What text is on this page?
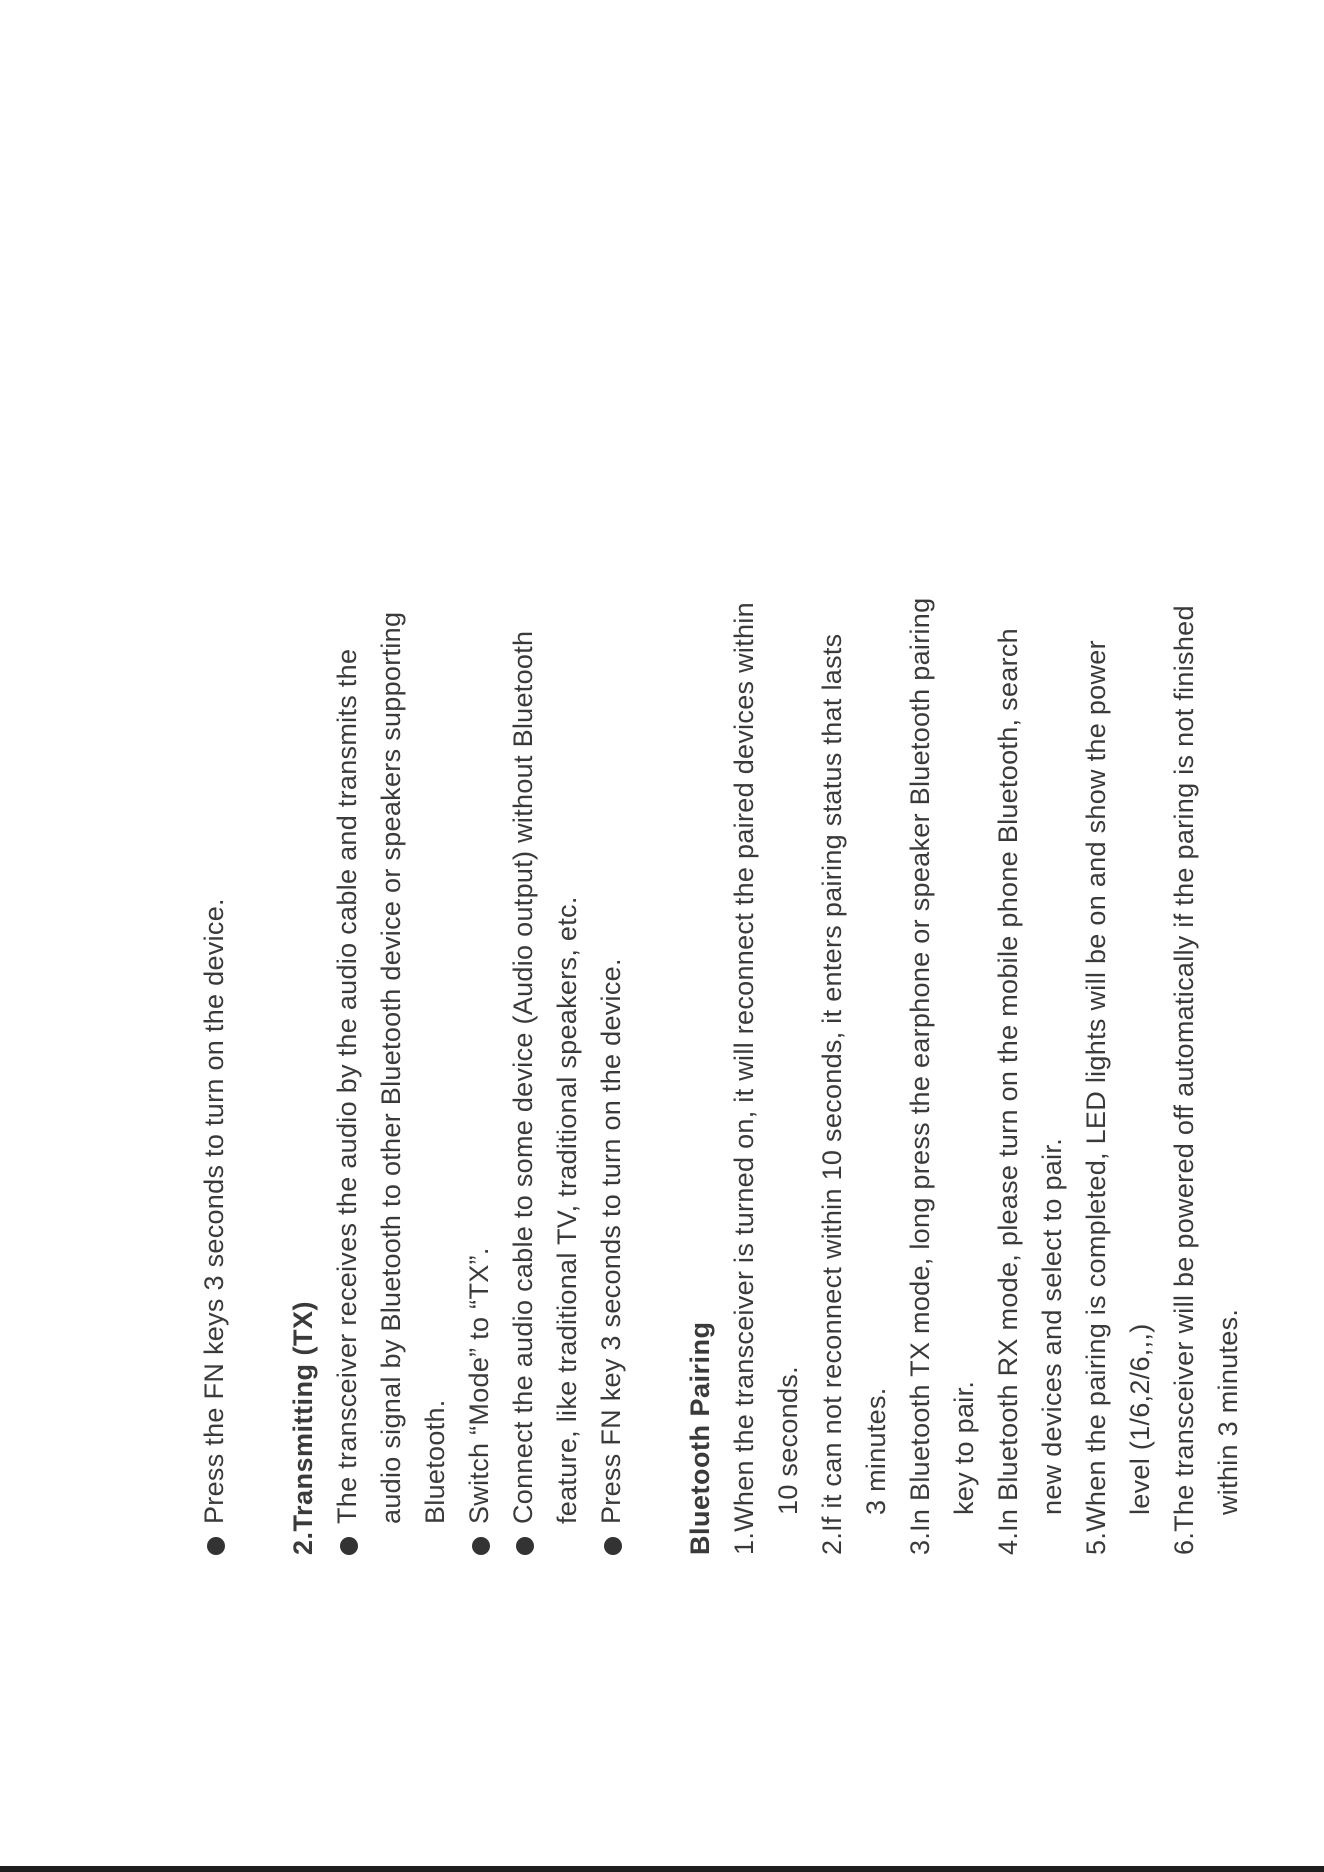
Press the FN keys 3 seconds to turn on the device. 2.Transmitting (TX) The transceiver receives the audio by the audio cable and transmits the audio signal by Bluetooth to other Bluetooth device or speakers supporting Bluetooth. Switch “Mode” to “TX”. Connect the audio cable to some device (Audio output) without Bluetooth feature, like traditional TV, traditional speakers, etc. Press FN key 3 seconds to turn on the device. Bluetooth Pairing 1.When the transceiver is turned on, it will reconnect the paired devices within 10 seconds. 2.If it can not reconnect within 10 seconds, it enters pairing status that lasts 3 minutes. 3.In Bluetooth TX mode, long press the earphone or speaker Bluetooth pairing key to pair. 4.In Bluetooth RX mode, please turn on the mobile phone Bluetooth, search new devices and select to pair. 5.When the pairing is completed, LED lights will be on and show the power level (1/6,2/6,,,) 6.The transceiver will be powered off automatically if the paring is not finished within 3 minutes.
